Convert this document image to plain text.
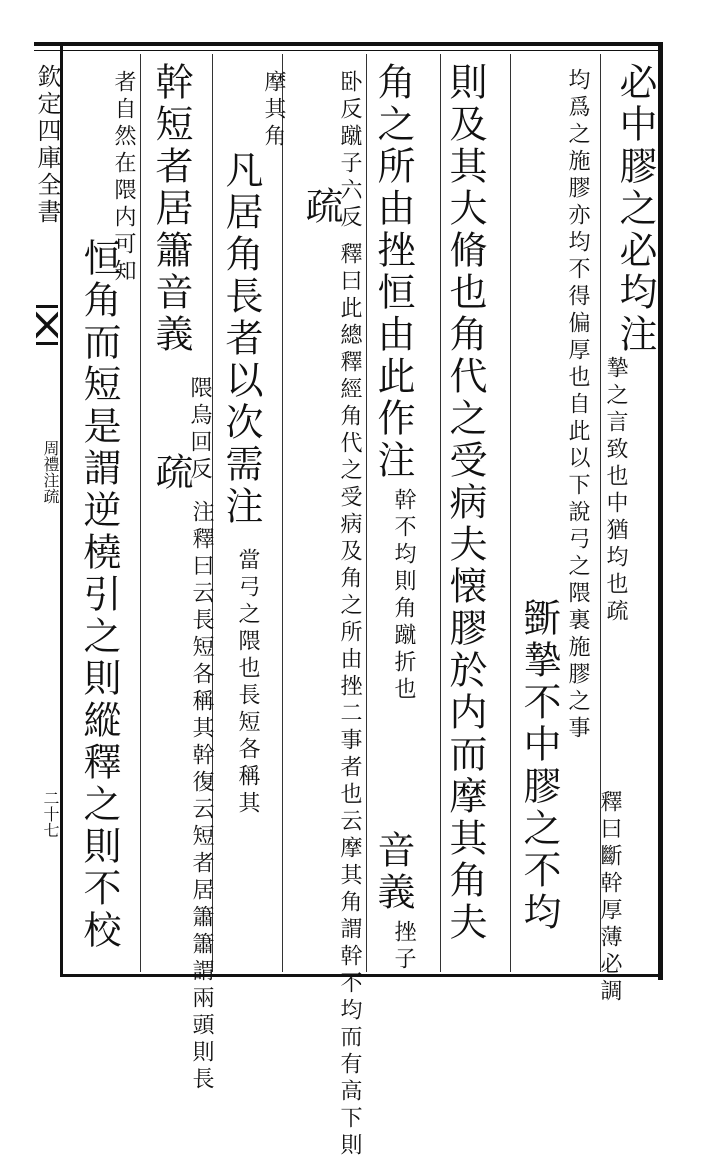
欽定四庫全書
周禮注疏
二十七
必中膠之必均注摯之言致也中猶均也疏
釋曰斷幹厚薄必調
均爲之施膠亦均不得偏厚也自此以下說弓之隈裏施膠之事
斵摯不中膠之不均
則及其大脩也角代之受病夫懐膠於内而摩其角夫
角之所由挫恒由此作注
幹不均則角蹴折也
音義
挫子
卧反蹴子六反
疏
釋曰此總釋經角代之受病及角之所由挫二事者也云摩其角謂幹不均而有高下則
摩其角
凡居角長者以次需注
當弓之隈也長短各稱其
幹短者居簫音義
隈烏回反
疏
注釋曰云長短各稱其幹復云短者居簫簫謂兩頭則長
者自然在隈内可知
恒角而短是謂逆橈引之則縱釋之則不校
